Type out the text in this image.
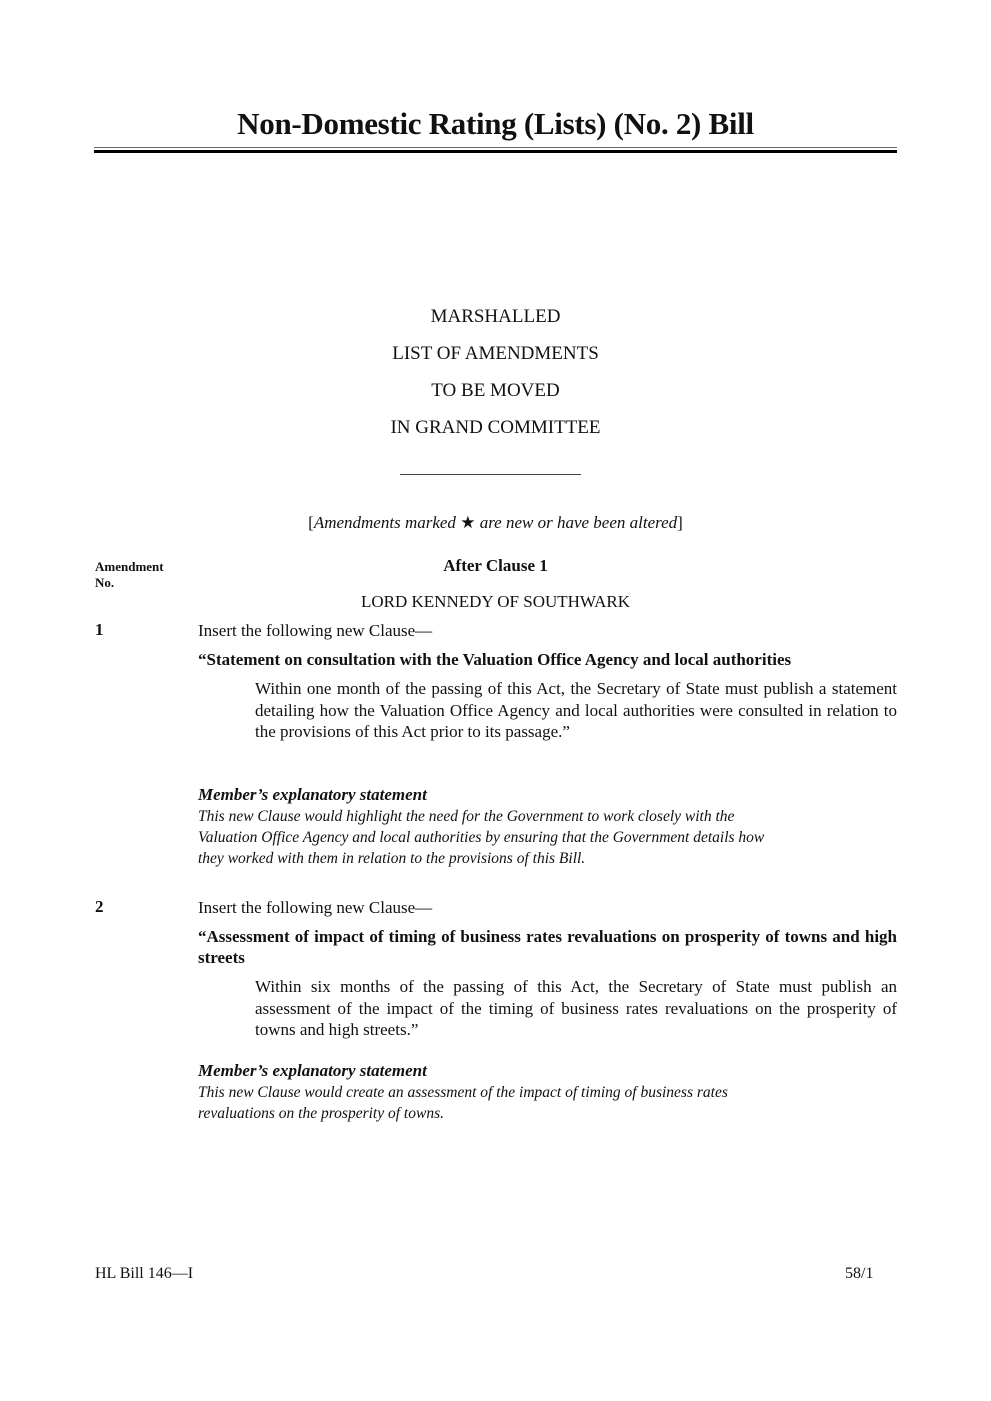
Non-Domestic Rating (Lists) (No. 2) Bill
MARSHALLED
LIST OF AMENDMENTS
TO BE MOVED
IN GRAND COMMITTEE
[Amendments marked ★ are new or have been altered]
Amendment
No.
After Clause 1
LORD KENNEDY OF SOUTHWARK
1	Insert the following new Clause—
“Statement on consultation with the Valuation Office Agency and local authorities
Within one month of the passing of this Act, the Secretary of State must publish a statement detailing how the Valuation Office Agency and local authorities were consulted in relation to the provisions of this Act prior to its passage.”
Member’s explanatory statement
This new Clause would highlight the need for the Government to work closely with the
Valuation Office Agency and local authorities by ensuring that the Government details how
they worked with them in relation to the provisions of this Bill.
2	Insert the following new Clause—
“Assessment of impact of timing of business rates revaluations on prosperity of towns and high streets
Within six months of the passing of this Act, the Secretary of State must publish an assessment of the impact of the timing of business rates revaluations on the prosperity of towns and high streets.”
Member’s explanatory statement
This new Clause would create an assessment of the impact of timing of business rates
revaluations on the prosperity of towns.
HL Bill 146—I	58/1
